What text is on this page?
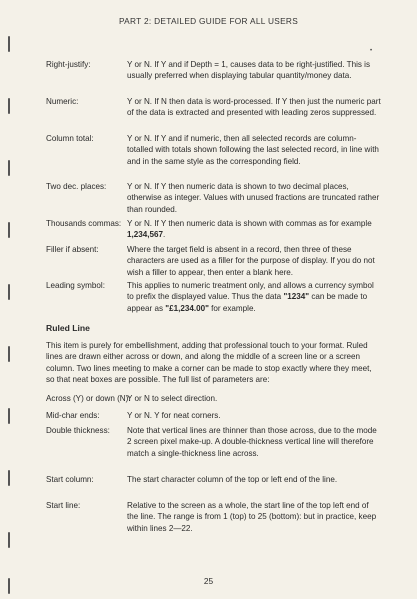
PART 2: DETAILED GUIDE FOR ALL USERS
•
Right-justify:	Y or N. If Y and if Depth = 1, causes data to be right-justified. This is usually preferred when displaying tabular quantity/money data.
Numeric:	Y or N. If N then data is word-processed. If Y then just the numeric part of the data is extracted and presented with leading zeros suppressed.
Column total:	Y or N. If Y and if numeric, then all selected records are column-totalled with totals shown following the last selected record, in line with and in the same style as the corresponding field.
Two dec. places:	Y or N. If Y then numeric data is shown to two decimal places, otherwise as integer. Values with unused fractions are truncated rather than rounded.
Thousands commas: Y or N. If Y then numeric data is shown with commas as for example 1,234,567.
Filler if absent:	Where the target field is absent in a record, then three of these characters are used as a filler for the purpose of display. If you do not wish a filler to appear, then enter a blank here.
Leading symbol:	This applies to numeric treatment only, and allows a currency symbol to prefix the displayed value. Thus the data "1234" can be made to appear as "£1,234.00" for example.
Ruled Line
This item is purely for embellishment, adding that professional touch to your format. Ruled lines are drawn either across or down, and along the middle of a screen line or a screen column. Two lines meeting to make a corner can be made to stop exactly where they meet, so that neat boxes are possible. The full list of parameters are:
Across (Y) or down (N):
Y or N to select direction.
Mid-char ends:	Y or N. Y for neat corners.
Double thickness:	Note that vertical lines are thinner than those across, due to the mode 2 screen pixel make-up. A double-thickness vertical line will therefore match a single-thickness line across.
Start column:	The start character column of the top or left end of the line.
Start line:	Relative to the screen as a whole, the start line of the top left end of the line. The range is from 1 (top) to 25 (bottom): but in practice, keep within lines 2—22.
25
